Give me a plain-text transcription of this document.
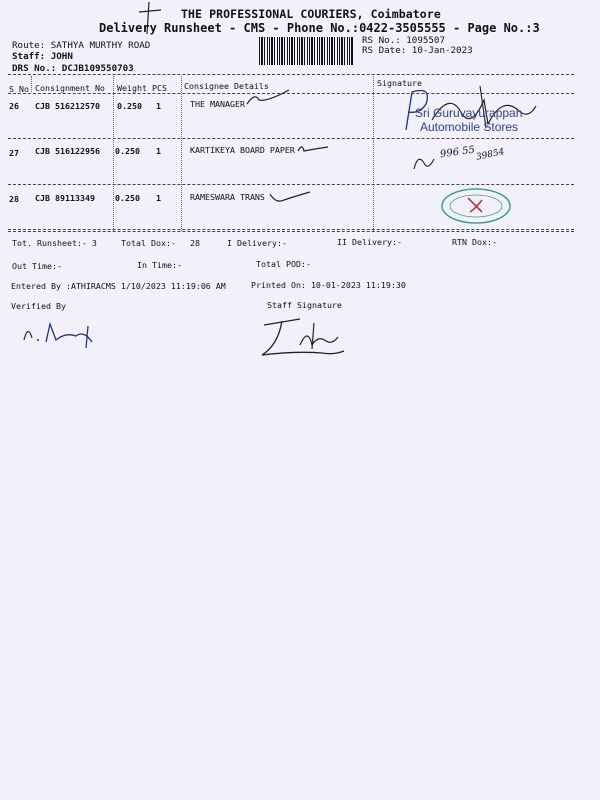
THE PROFESSIONAL COURIERS, Coimbatore
Delivery Runsheet - CMS - Phone No.:0422-3505555 - Page No.:3
Route: SATHYA MURTHY ROAD
Staff: JOHN
DRS No.: DCJB109550703
RS No.: 1095507
RS Date: 10-Jan-2023
S No Consignment No Weight PCS Consignee Details	Signature
26 CJB 516212570 0.250 1	THE MANAGER
27 CJB 516122956 0.250 1	KARTIKEYA BOARD PAPER
28 CJB 89113349 0.250 1	RAMESWARA TRANS
Sri Guruvayurappan
Automobile Stores
996 55 39854
Tot. Runsheet:- 3	Total Dox:- 28	I Delivery:-	II Delivery:-	RTN Dox:-
Out Time:-	In Time:-	Total POD:-
Entered By :ATHIRACMS 1/10/2023 11:19:06 AM	Printed On: 10-01-2023 11:19:30
Verified By	Staff Signature
